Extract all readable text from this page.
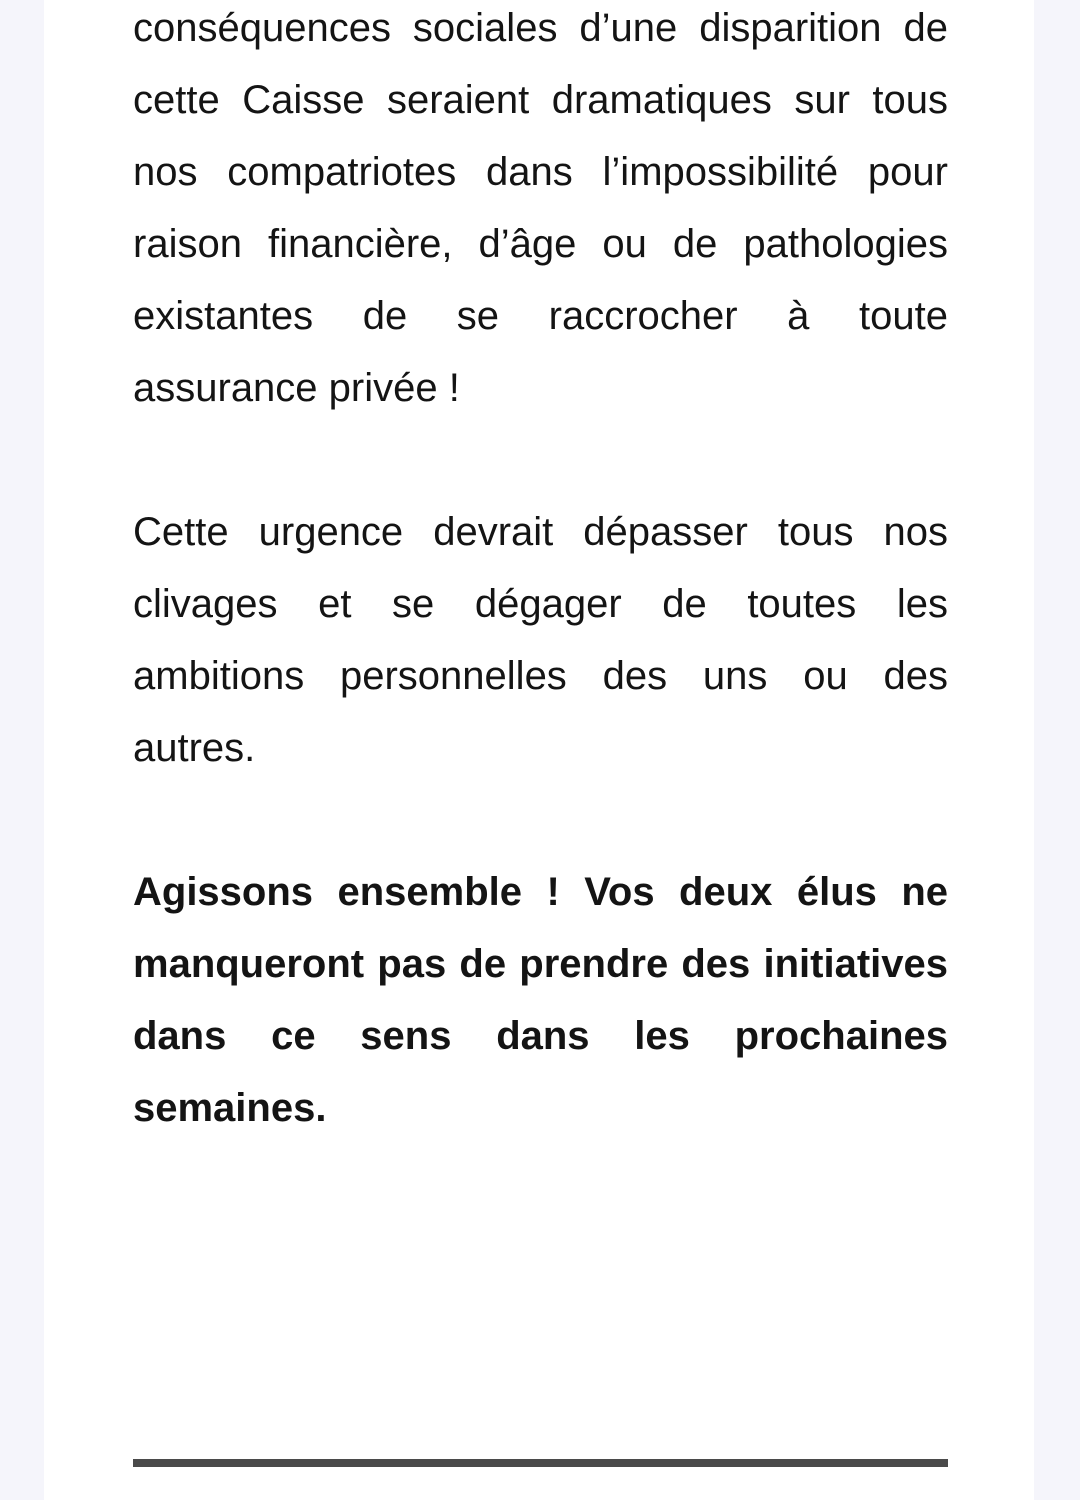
conséquences sociales d’une disparition de cette Caisse seraient dramatiques sur tous nos compatriotes dans l’impossibilité pour raison financière, d’âge ou de pathologies existantes de se raccrocher à toute assurance privée !

Cette urgence devrait dépasser tous nos clivages et se dégager de toutes les ambitions personnelles des uns ou des autres.

Agissons ensemble ! Vos deux élus ne manqueront pas de prendre des initiatives dans ce sens dans les prochaines semaines.
